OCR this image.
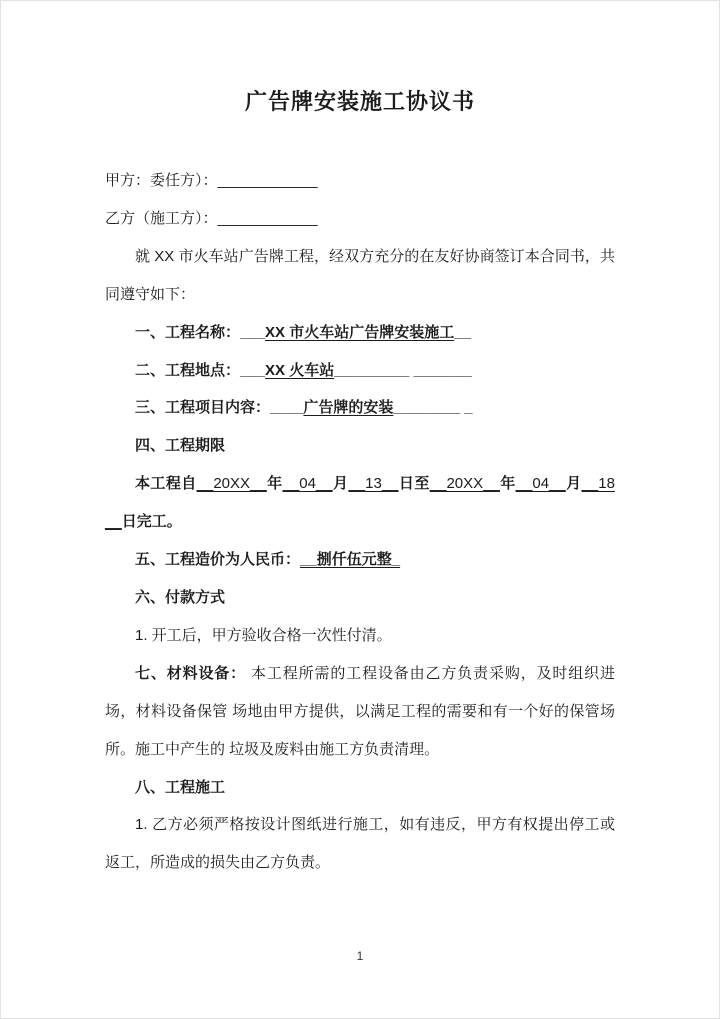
广告牌安装施工协议书

甲方：委任方）：____________

乙方（施工方）：____________

就 XX 市火车站广告牌工程，经双方充分的在友好协商签订本合同书，共同遵守如下：

一、工程名称：___XX 市火车站广告牌安装施工__

二、工程地点：___XX 火车站_________ _______

三、工程项目内容：____广告牌的安装________ _

四、工程期限

本工程自__20XX__年__04__月__13__日至__20XX__年__04__月__18__日完工。

五、工程造价为人民币：__捌仟伍元整_

六、付款方式

1. 开工后，甲方验收合格一次性付清。

七、材料设备： 本工程所需的工程设备由乙方负责采购，及时组织进场，材料设备保管 场地由甲方提供，以满足工程的需要和有一个好的保管场所。施工中产生的 垃圾及废料由施工方负责清理。

八、工程施工

1. 乙方必须严格按设计图纸进行施工，如有违反，甲方有权提出停工或返工，所造成的损失由乙方负责。

1
